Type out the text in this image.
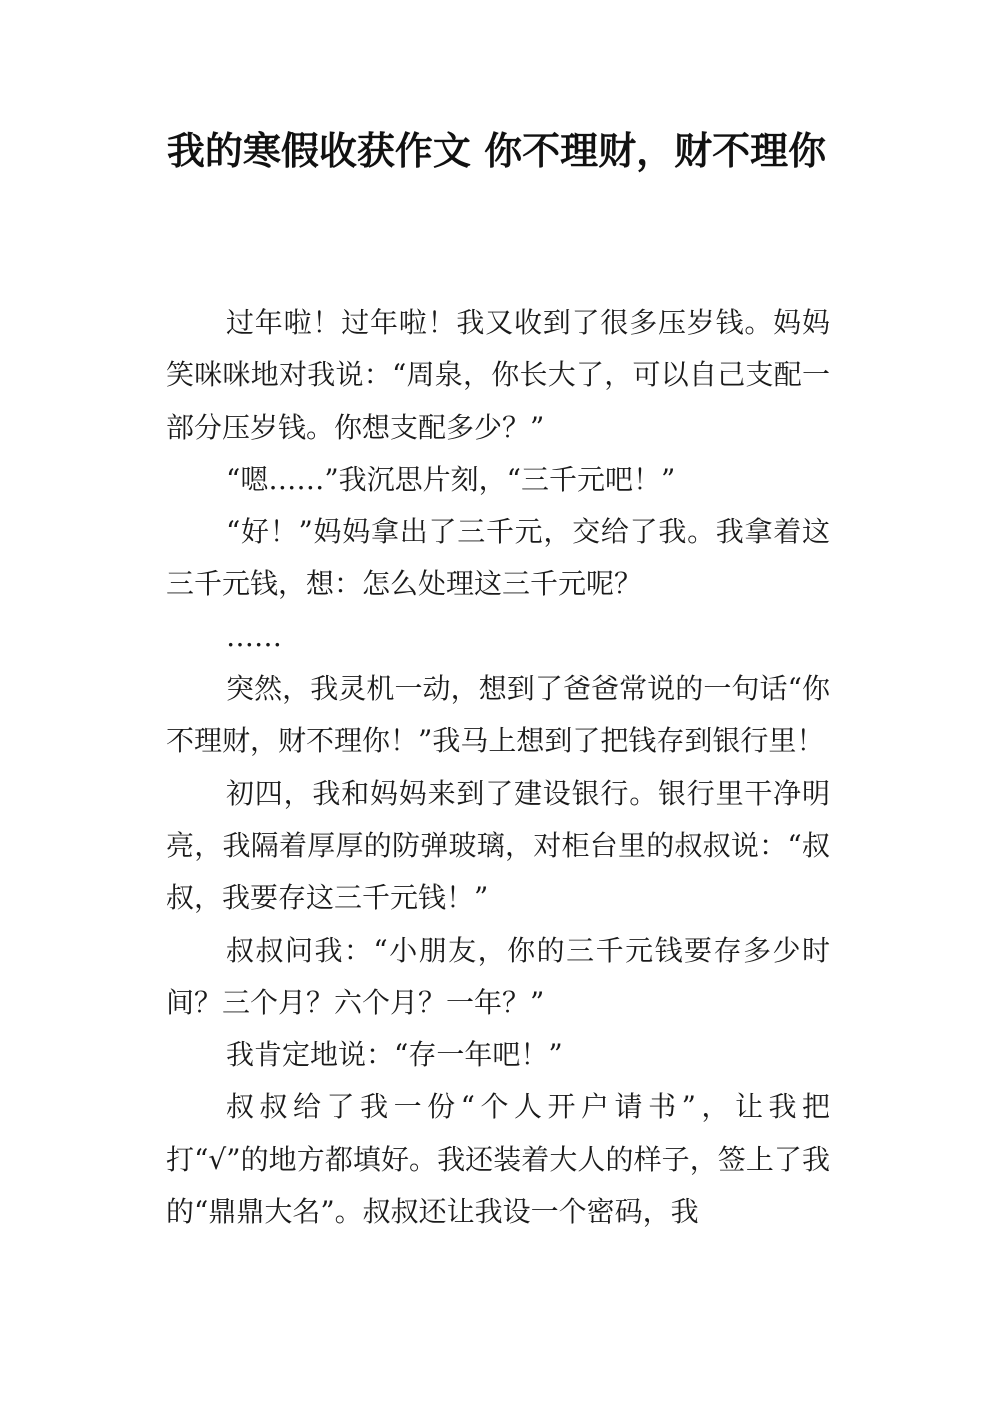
我的寒假收获作文 你不理财，财不理你

过年啦！过年啦！我又收到了很多压岁钱。妈妈笑咪咪地对我说：“周泉，你长大了，可以自己支配一部分压岁钱。你想支配多少？”

“嗯……”我沉思片刻，“三千元吧！”

“好！”妈妈拿出了三千元，交给了我。我拿着这三千元钱，想：怎么处理这三千元呢？

……

突然，我灵机一动，想到了爸爸常说的一句话“你不理财，财不理你！”我马上想到了把钱存到银行里！

初四，我和妈妈来到了建设银行。银行里干净明亮，我隔着厚厚的防弹玻璃，对柜台里的叔叔说：“叔叔，我要存这三千元钱！”

叔叔问我：“小朋友，你的三千元钱要存多少时间？三个月？六个月？一年？”

我肯定地说：“存一年吧！”

叔叔给了我一份“个人开户请书”，让我把打“√”的地方都填好。我还装着大人的样子，签上了我的“鼎鼎大名”。叔叔还让我设一个密码，我
